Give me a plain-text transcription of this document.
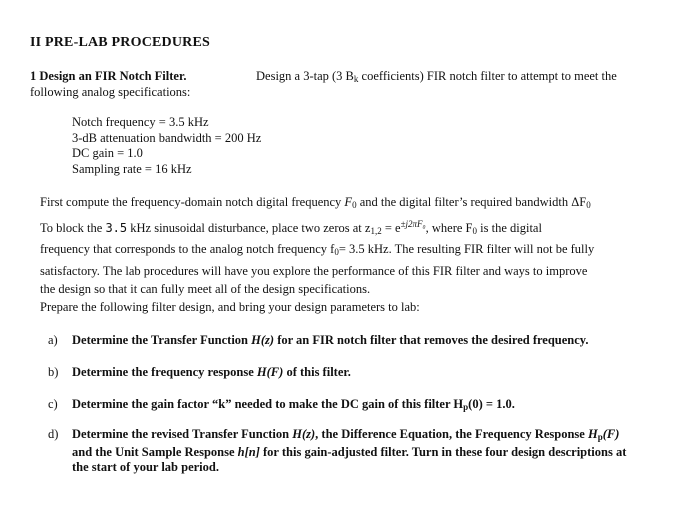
II PRE-LAB PROCEDURES
1 Design an FIR Notch Filter.	Design a 3-tap (3 $B_k$ coefficients) FIR notch filter to attempt to meet the

following analog specifications:
Notch frequency = 3.5 kHz
3-dB attenuation bandwidth = 200 Hz
DC gain = 1.0
Sampling rate = 16 kHz
First compute the frequency-domain notch digital frequency $F_0$ and the digital filter’s required bandwidth $\Delta F_0$
To block the 3.5 kHz sinusoidal disturbance, place two zeros at $z_{1,2} = e^{\pm j2\pi F_0}$, where $F_0$ is the digital
frequency that corresponds to the analog notch frequency $f_0= 3.5$ kHz. The resulting FIR filter will not be fully
satisfactory. The lab procedures will have you explore the performance of this FIR filter and ways to improve
the design so that it can fully meet all of the design specifications.
Prepare the following filter design, and bring your design parameters to lab:
a) Determine the Transfer Function H(z) for an FIR notch filter that removes the desired frequency.
b) Determine the frequency response H(F) of this filter.
c) Determine the gain factor “k” needed to make the DC gain of this filter $H_p(0) = 1.0$.
d) Determine the revised Transfer Function H(z), the Difference Equation, the Frequency Response $H_p(F)$
and the Unit Sample Response h[n] for this gain-adjusted filter. Turn in these four design descriptions at
the start of your lab period.
